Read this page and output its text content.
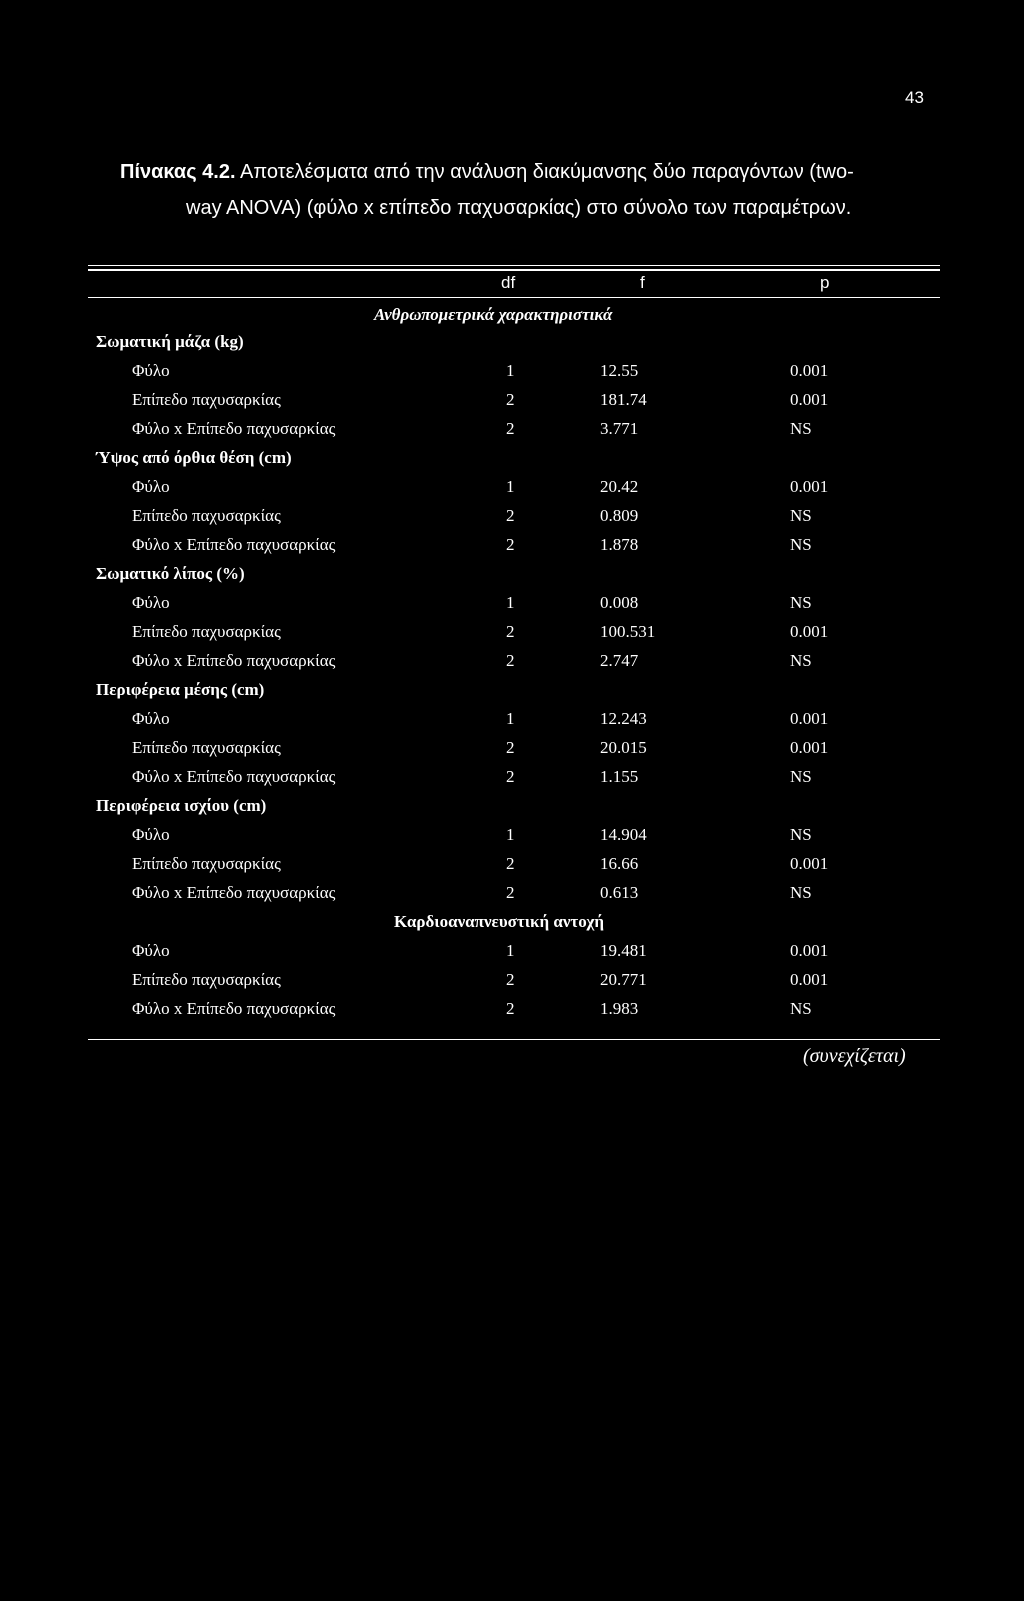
43
Πίνακας 4.2. Αποτελέσματα από την ανάλυση διακύμανσης δύο παραγόντων (two-
way ANOVA) (φύλο x επίπεδο παχυσαρκίας) στο σύνολο των παραμέτρων.
df	f	p
Ανθρωπομετρικά χαρακτηριστικά
Σωματική μάζα (kg)
Φύλο	1	12.55	0.001
Επίπεδο παχυσαρκίας	2	181.74	0.001
Φύλο x Επίπεδο παχυσαρκίας	2	3.771	NS
Ύψος από όρθια θέση (cm)
Φύλο	1	20.42	0.001
Επίπεδο παχυσαρκίας	2	0.809	NS
Φύλο x Επίπεδο παχυσαρκίας	2	1.878	NS
Σωματικό λίπος (%)
Φύλο	1	0.008	NS
Επίπεδο παχυσαρκίας	2	100.531	0.001
Φύλο x Επίπεδο παχυσαρκίας	2	2.747	NS
Περιφέρεια μέσης (cm)
Φύλο	1	12.243	0.001
Επίπεδο παχυσαρκίας	2	20.015	0.001
Φύλο x Επίπεδο παχυσαρκίας	2	1.155	NS
Περιφέρεια ισχίου (cm)
Φύλο	1	14.904	NS
Επίπεδο παχυσαρκίας	2	16.66	0.001
Φύλο x Επίπεδο παχυσαρκίας	2	0.613	NS
Καρδιοαναπνευστική αντοχή
Φύλο	1	19.481	0.001
Επίπεδο παχυσαρκίας	2	20.771	0.001
Φύλο x Επίπεδο παχυσαρκίας	2	1.983	NS
(συνεχίζεται)
